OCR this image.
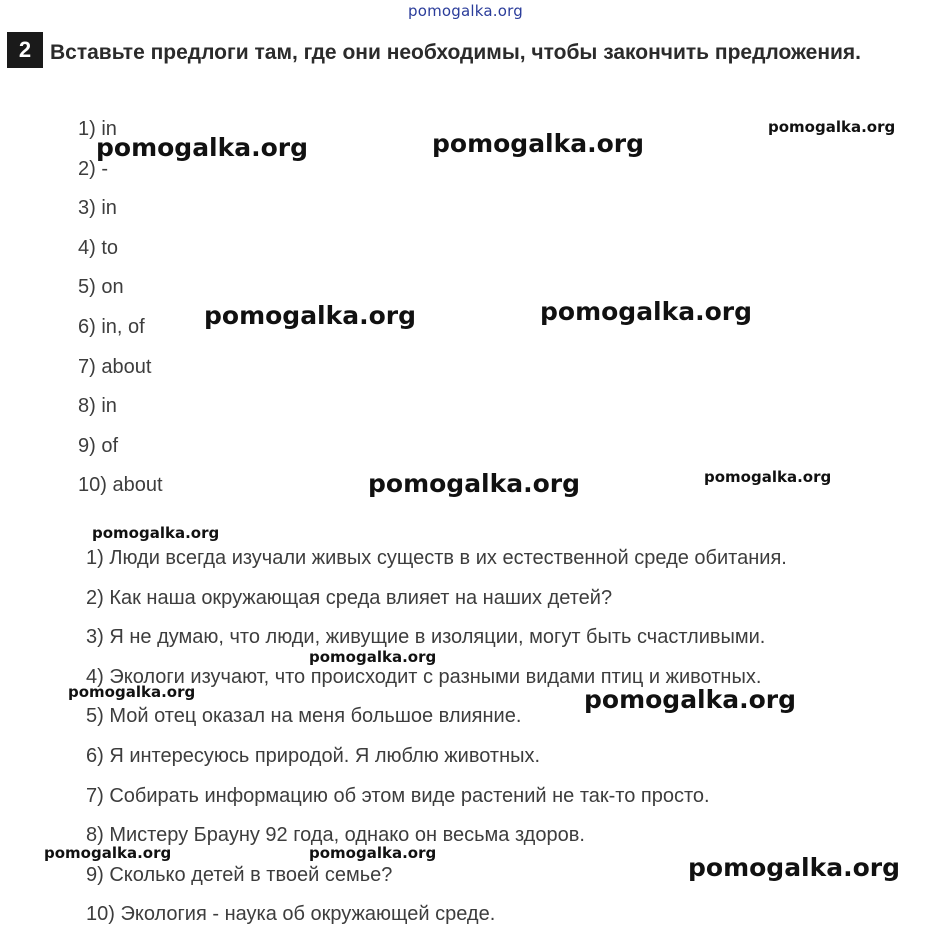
pomogalka.org
2 Вставьте предлоги там, где они необходимы, чтобы закончить предложения.
1) in
2) -
3) in
4) to
5) on
6) in, of
7) about
8) in
9) of
10) about
1) Люди всегда изучали живых существ в их естественной среде обитания.
2) Как наша окружающая среда влияет на наших детей?
3) Я не думаю, что люди, живущие в изоляции, могут быть счастливыми.
4) Экологи изучают, что происходит с разными видами птиц и животных.
5) Мой отец оказал на меня большое влияние.
6) Я интересуюсь природой. Я люблю животных.
7) Собирать информацию об этом виде растений не так-то просто.
8) Мистеру Брауну 92 года, однако он весьма здоров.
9) Сколько детей в твоей семье?
10) Экология - наука об окружающей среде.
pomogalka.org
pomogalka.org	pomogalka.org
pomogalka.org	pomogalka.org
pomogalka.org	pomogalka.org
pomogalka.org
pomogalka.org
pomogalka.org	pomogalka.org
pomogalka.org	pomogalka.org	pomogalka.org
